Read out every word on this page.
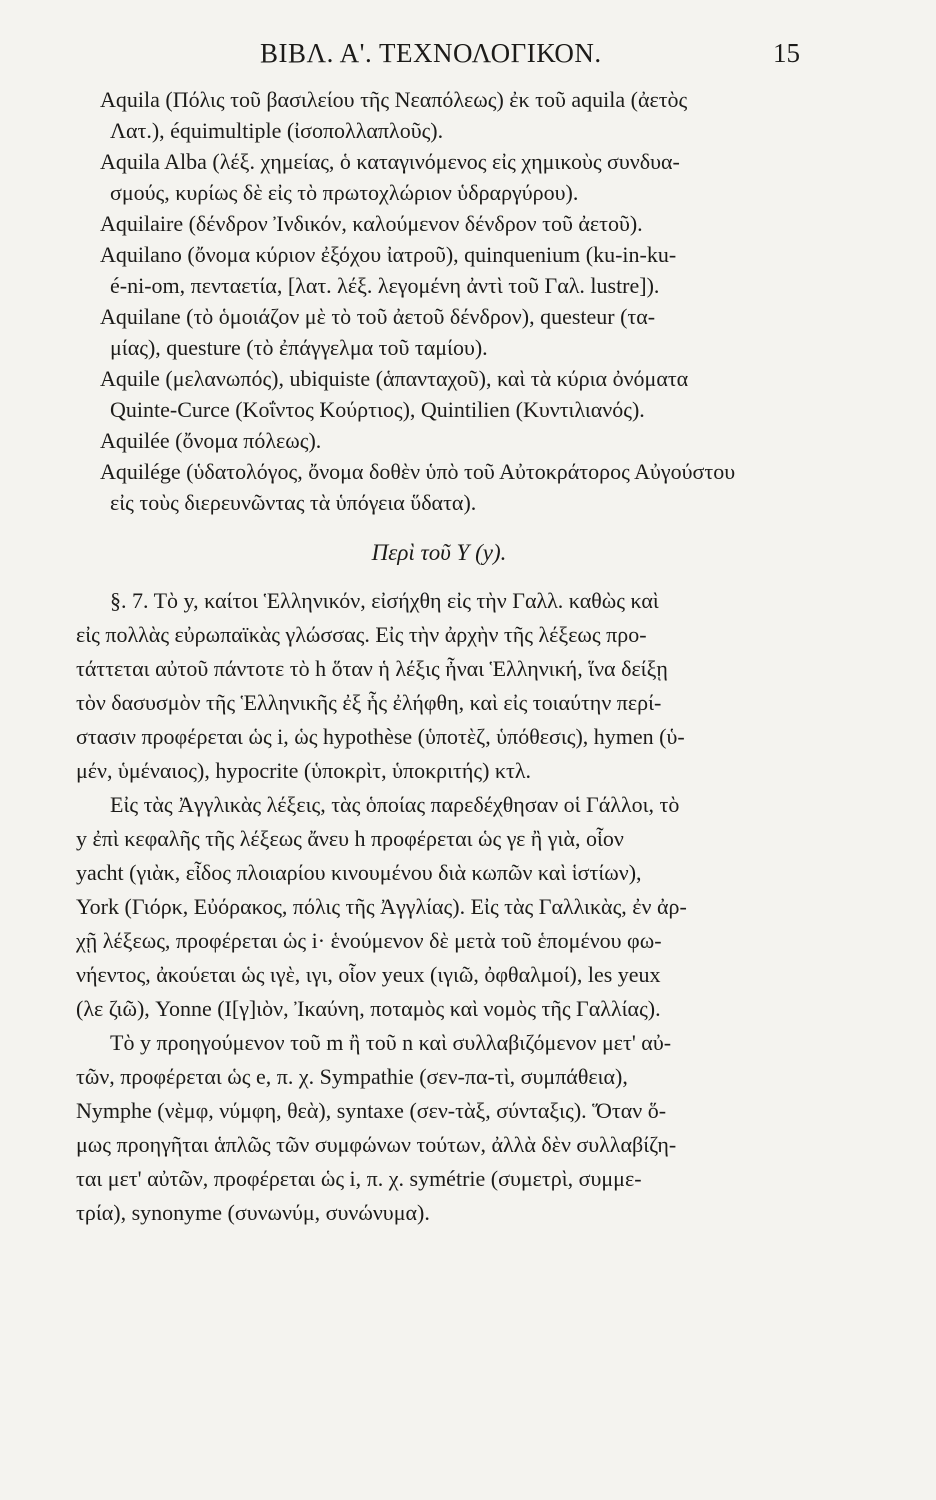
ΒΙΒΛ. Α'. ΤΕΧΝΟΛΟΓΙΚΟΝ.	15

Aquila (Πόλις τοῦ βασιλείου τῆς Νεαπόλεως) ἐκ τοῦ aquila (ἀετὸς
Λατ.), équimultiple (ἰσοπολλαπλοῦς).

Aquila Alba (λέξ. χημείας, ὁ καταγινόμενος εἰς χημικοὺς συνδυα-
σμούς, κυρίως δὲ εἰς τὸ πρωτοχλώριον ὑδραργύρου).

Aquilaire (δένδρον Ἰνδικόν, καλούμενον δένδρον τοῦ ἀετοῦ).

Aquilano (ὄνομα κύριον ἐξόχου ἰατροῦ), quinquenium (ku-in-ku-
é-ni-om, πενταετία, [λατ. λέξ. λεγομένη ἀντὶ τοῦ Γαλ. lustre]).

Aquilane (τὸ ὁμοιάζον μὲ τὸ τοῦ ἀετοῦ δένδρον), questeur (τα-
μίας), questure (τὸ ἐπάγγελμα τοῦ ταμίου).

Aquile (μελανωπός), ubiquiste (ἁπανταχοῦ), καὶ τὰ κύρια ὀνόματα
Quinte-Curce (Κοΐντος Κούρτιος), Quintilien (Κυντιλιανός).

Aquilée (ὄνομα πόλεως).

Aquilége (ὑδατολόγος, ὄνομα δοθὲν ὑπὸ τοῦ Αὐτοκράτορος Αὐγούστου
εἰς τοὺς διερευνῶντας τὰ ὑπόγεια ὕδατα).

Περὶ τοῦ Υ (y).

§. 7. Τὸ y, καίτοι Ἑλληνικόν, εἰσήχθη εἰς τὴν Γαλλ. καθὼς καὶ
εἰς πολλὰς εὐρωπαϊκὰς γλώσσας. Εἰς τὴν ἀρχὴν τῆς λέξεως προ-
τάττεται αὐτοῦ πάντοτε τὸ h ὅταν ἡ λέξις ἦναι Ἑλληνική, ἵνα δείξῃ
τὸν δασυσμὸν τῆς Ἑλληνικῆς ἐξ ἧς ἐλήφθη, καὶ εἰς τοιαύτην περί-
στασιν προφέρεται ὡς i, ὡς hypothèse (ὑποτὲζ, ὑπόθεσις), hymen (ὑ-
μέν, ὑμέναιος), hypocrite (ὑποκρὶτ, ὑποκριτής) κτλ.

Εἰς τὰς Ἀγγλικὰς λέξεις, τὰς ὁποίας παρεδέχθησαν οἱ Γάλλοι, τὸ
y ἐπὶ κεφαλῆς τῆς λέξεως ἄνευ h προφέρεται ὡς γε ἢ γιὰ, οἷον
yacht (γιὰκ, εἶδος πλοιαρίου κινουμένου διὰ κωπῶν καὶ ἱστίων),
York (Γιόρκ, Εὐόρακος, πόλις τῆς Ἀγγλίας). Εἰς τὰς Γαλλικὰς, ἐν ἀρ-
χῇ λέξεως, προφέρεται ὡς i· ἑνούμενον δὲ μετὰ τοῦ ἑπομένου φω-
νήεντος, ἀκούεται ὡς ιγὲ, ιγι, οἷον yeux (ιγιῶ, ὀφθαλμοί), les yeux
(λε ζιῶ), Yonne (Ι[γ]ιὸν, Ἰκαύνη, ποταμὸς καὶ νομὸς τῆς Γαλλίας).

Τὸ y προηγούμενον τοῦ m ἢ τοῦ n καὶ συλλαβιζόμενον μετ' αὐ-
τῶν, προφέρεται ὡς e, π. χ. Sympathie (σεν-πα-τὶ, συμπάθεια),
Nymphe (νὲμφ, νύμφη, θεὰ), syntaxe (σεν-τὰξ, σύνταξις). Ὅταν ὅ-
μως προηγῆται ἁπλῶς τῶν συμφώνων τούτων, ἀλλὰ δὲν συλλαβίζη-
ται μετ' αὐτῶν, προφέρεται ὡς i, π. χ. symétrie (συμετρὶ, συμμε-
τρία), synonyme (συνωνύμ, συνώνυμα).
